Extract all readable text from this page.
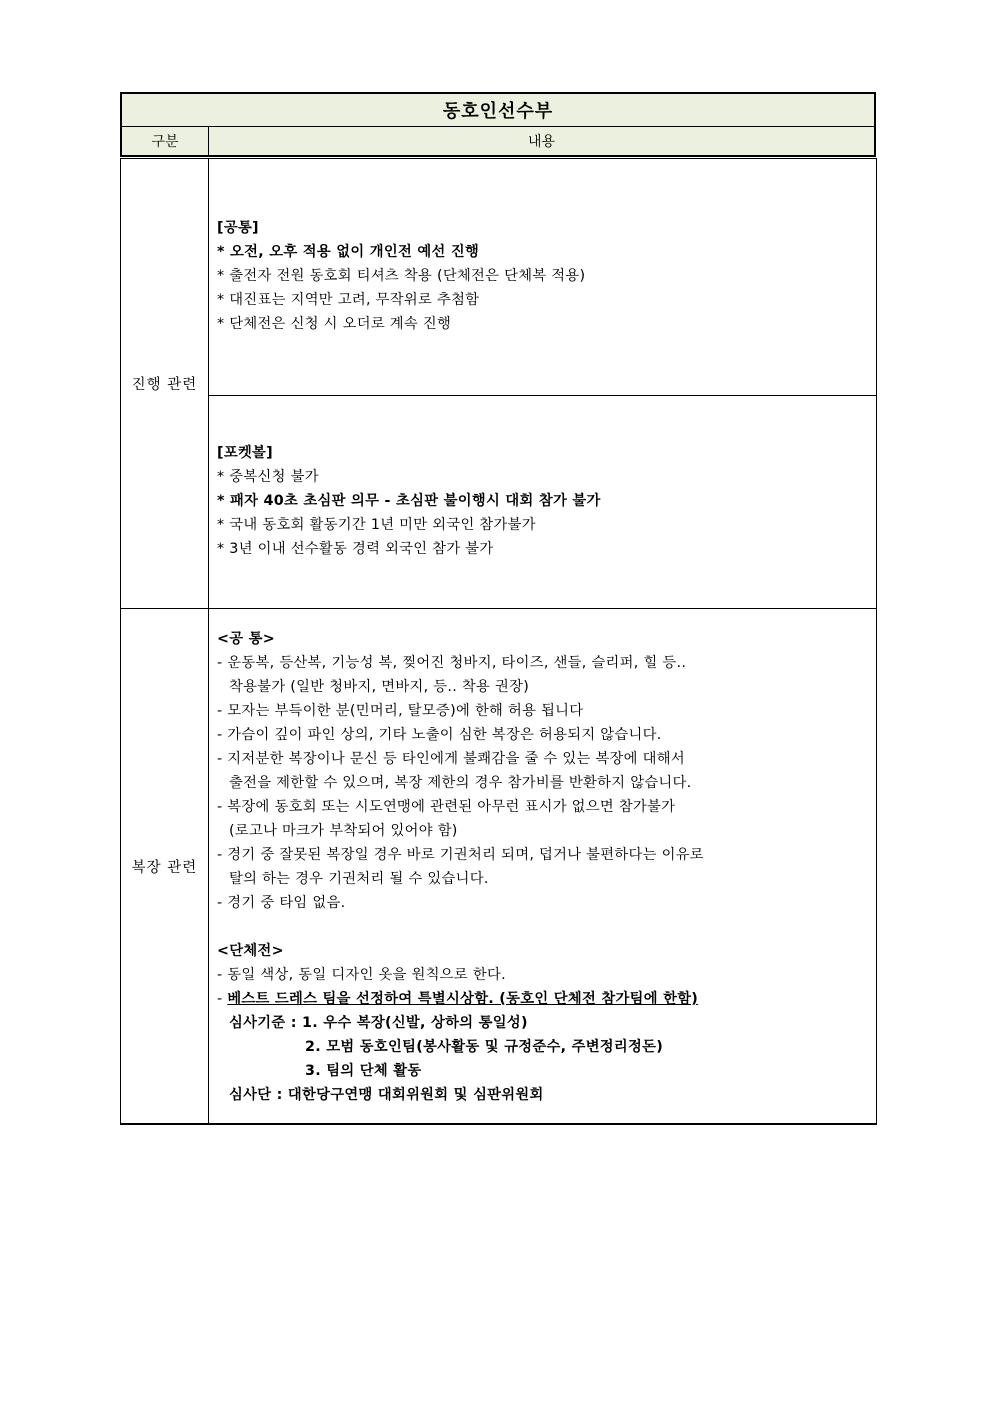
동호인선수부
구분	내용
진행 관련
[공통]
* 오전, 오후 적용 없이 개인전 예선 진행
* 출전자 전원 동호회 티셔츠 착용 (단체전은 단체복 적용)
* 대진표는 지역만 고려, 무작위로 추첨함
* 단체전은 신청 시 오더로 계속 진행
[포켓볼]
* 중복신청 불가
* 패자 40초 초심판 의무 - 초심판 불이행시 대회 참가 불가
* 국내 동호회 활동기간 1년 미만 외국인 참가불가
* 3년 이내 선수활동 경력 외국인 참가 불가
복장 관련
<공 통>
- 운동복, 등산복, 기능성 복, 찢어진 청바지, 타이즈, 샌들, 슬리퍼, 힐 등..
착용불가 (일반 청바지, 면바지, 등.. 착용 권장)
- 모자는 부득이한 분(민머리, 탈모증)에 한해 허용 됩니다
- 가슴이 깊이 파인 상의, 기타 노출이 심한 복장은 허용되지 않습니다.
- 지저분한 복장이나 문신 등 타인에게 불쾌감을 줄 수 있는 복장에 대해서
출전을 제한할 수 있으며, 복장 제한의 경우 참가비를 반환하지 않습니다.
- 복장에 동호회 또는 시도연맹에 관련된 아무런 표시가 없으면 참가불가
(로고나 마크가 부착되어 있어야 함)
- 경기 중 잘못된 복장일 경우 바로 기권처리 되며, 덥거나 불편하다는 이유로
탈의 하는 경우 기권처리 될 수 있습니다.
- 경기 중 타임 없음.
<단체전>
- 동일 색상, 동일 디자인 옷을 원칙으로 한다.
- 베스트 드레스 팀을 선정하여 특별시상함. (동호인 단체전 참가팀에 한함)
심사기준 : 1. 우수 복장(신발, 상하의 통일성)
2. 모범 동호인팀(봉사활동 및 규정준수, 주변정리정돈)
3. 팀의 단체 활동
심사단 : 대한당구연맹 대회위원회 및 심판위원회
